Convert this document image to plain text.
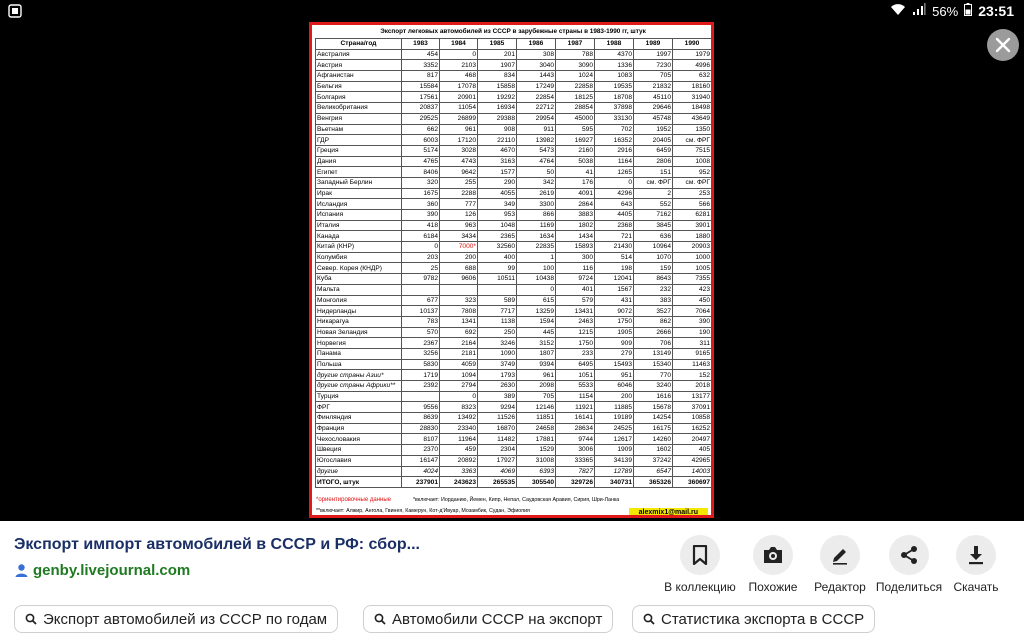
56% 23:51
Экспорт легковых автомобилей из СССР в зарубежные страны в 1983-1990 гг, штук
Страна/год	1983	1984	1985	1986	1987	1988	1989	1990
Австралия	454	0	201	308	788	4370	1997	1979
Австрия	3352	2103	1907	3040	3090	1336	7230	4996
Афганистан	817	468	834	1443	1024	1083	705	632
Бельгия	15584	17078	15858	17249	22858	19535	21832	18160
Болгария	17561	20901	19292	22854	18125	18708	45110	31940
Великобритания	20837	11054	16934	22712	28854	37898	29646	18498
Венгрия	29525	26899	29388	29954	45000	33130	45748	43649
Вьетнам	662	961	908	911	595	702	1952	1350
ГДР	6003	17120	22110	13982	16927	16352	20405	см. ФРГ
Греция	5174	3028	4670	5473	2160	2916	6459	7515
Дания	4765	4743	3163	4764	5038	1164	2806	1008
Египет	8406	9642	1577	50	41	1265	151	952
Западный Берлин	320	255	290	342	176	0	см. ФРГ	см. ФРГ
Ирак	1675	2288	4055	2619	4091	4296	2	253
Исландия	360	777	349	3300	2864	643	552	566
Испания	390	126	953	866	3883	4405	7162	6281
Италия	418	963	1048	1169	1802	2368	3845	3901
Канада	6184	3434	2365	1634	1434	721	636	1880
Китай (КНР)	0	7000*	32560	22835	15893	21430	10964	20903
Колумбия	203	200	400	1	300	514	1070	1000
Север. Корея (КНДР)	25	688	99	100	116	198	159	1005
Куба	9782	9606	10511	10438	9724	12041	8643	7355
Мальта				0	401	1567	232	423
Монголия	677	323	589	615	579	431	383	450
Нидерланды	10137	7808	7717	13259	13431	9072	3527	7064
Никарагуа	783	1341	1138	1594	2463	1750	862	390
Новая Зеландия	570	692	250	445	1215	1905	2666	190
Норвегия	2367	2164	3246	3152	1750	909	706	311
Панама	3256	2181	1090	1807	233	279	13149	9165
Польша	5830	4059	3749	9394	6495	15493	15340	11463
другие страны Азии*	1719	1094	1793	961	1051	951	770	152
другие страны Африки**	2392	2794	2630	2098	5533	6046	3240	2018
Турция		0	389	705	1154	200	1616	13177
ФРГ	9556	8323	9294	12146	11921	11885	15678	37091
Финляндия	8639	13492	11526	11851	16141	19189	14254	10858
Франция	28830	23340	16870	24658	28634	24525	16175	16252
Чехословакия	8107	11964	11482	17881	9744	12617	14260	20497
Швеция	2370	459	2304	1529	3006	1909	1602	405
Югославия	16147	20892	17927	31008	33365	34139	37242	42965
другие	4024	3363	4069	6393	7827	12789	6547	14003
ИТОГО, штук	237901	243623	265535	305540	329726	340731	365326	360697
*ориентировочные данные	*включает: Иорданию, Йемен, Кипр, Непал, Саудовская Аравия, Сирия, Шри-Ланка
**включает: Алжир, Ангола, Гвинея, Камерун, Кот-д'Ивуар, Мозамбик, Судан, Эфиопия	alexmix1@mail.ru
Экспорт импорт автомобилей в СССР и РФ: сбор...
genby.livejournal.com
В коллекцию	Похожие	Редактор Поделиться Скачать
Экспорт автомобилей из СССР по годам	Автомобили СССР на экспорт	Статистика экспорта в СССР
